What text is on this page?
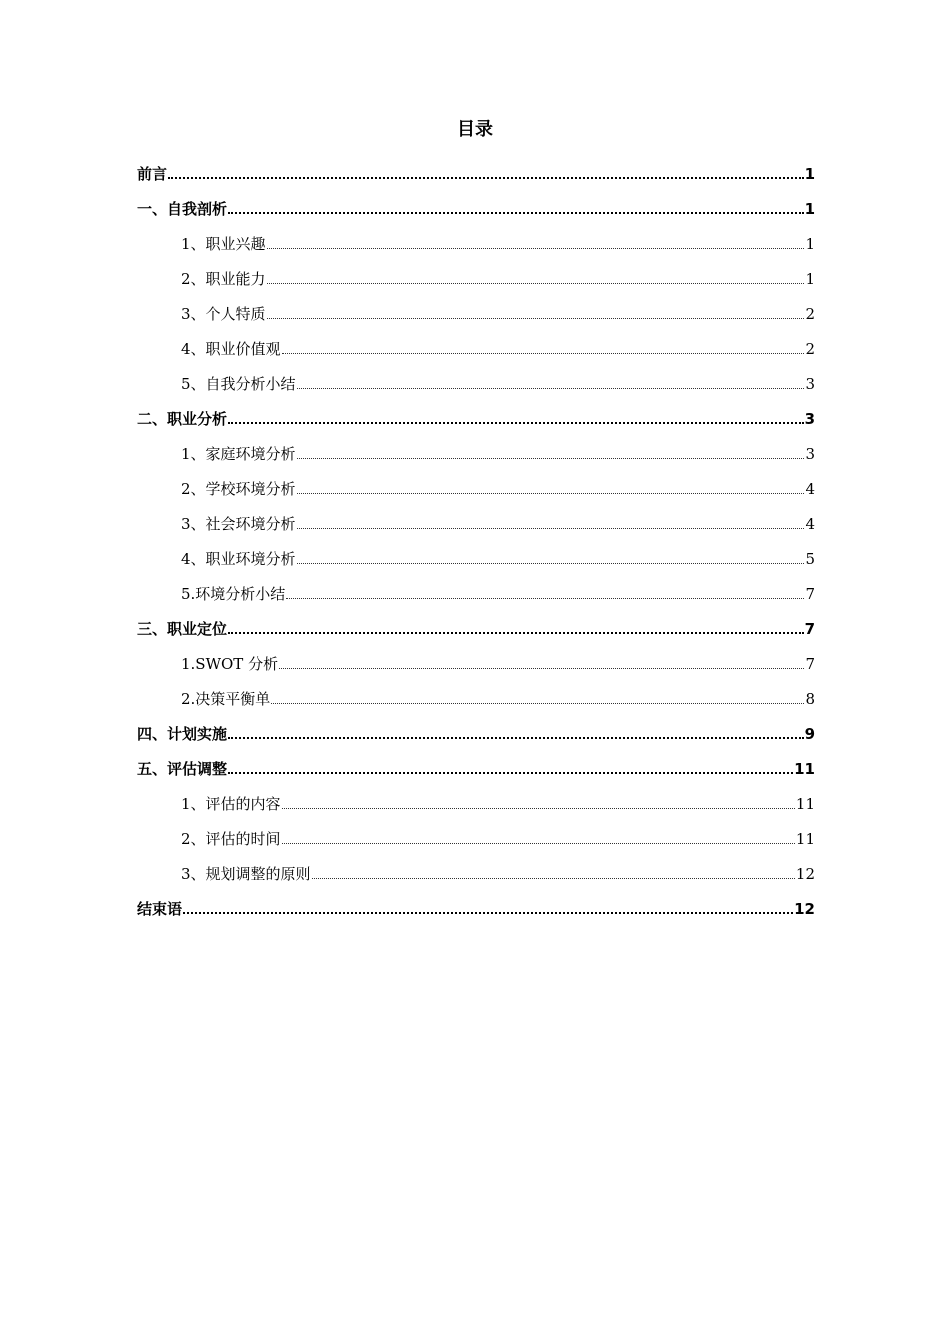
目录
前言	1
一、自我剖析	1
1、职业兴趣	1
2、职业能力	1
3、个人特质	2
4、职业价值观	2
5、自我分析小结	3
二、职业分析	3
1、家庭环境分析	3
2、学校环境分析	4
3、社会环境分析	4
4、职业环境分析	5
5.环境分析小结	7
三、职业定位	7
1.SWOT 分析	7
2.决策平衡单	8
四、计划实施	9
五、评估调整	11
1、评估的内容	11
2、评估的时间	11
3、规划调整的原则	12
结束语	12
